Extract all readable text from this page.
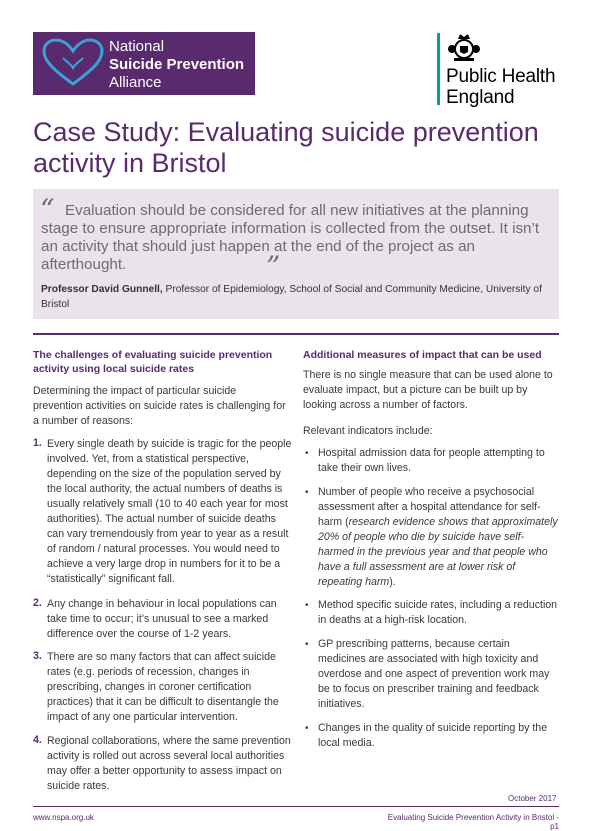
National
Suicide Prevention
Alliance	Public Health
England
Case Study: Evaluating suicide prevention activity in Bristol
Evaluation should be considered for all new initiatives at the planning stage to ensure appropriate information is collected from the outset. It isn’t an activity that should just happen at the end of the project as an afterthought.
“
”
Professor David Gunnell, Professor of Epidemiology, School of Social and Community Medicine, University of Bristol
The challenges of evaluating suicide prevention activity using local suicide rates
Determining the impact of particular suicide prevention activities on suicide rates is challenging for a number of reasons:
1. Every single death by suicide is tragic for the people involved. Yet, from a statistical perspective, depending on the size of the population served by the local authority, the actual numbers of deaths is usually relatively small (10 to 40 each year for most authorities). The actual number of suicide deaths can vary tremendously from year to year as a result of random / natural processes. You would need to achieve a very large drop in numbers for it to be a “statistically” significant fall.
2. Any change in behaviour in local populations can take time to occur; it’s unusual to see a marked difference over the course of 1-2 years.
3. There are so many factors that can affect suicide rates (e.g. periods of recession, changes in prescribing, changes in coroner certification practices) that it can be difficult to disentangle the impact of any one particular intervention.
4. Regional collaborations, where the same prevention activity is rolled out across several local authorities may offer a better opportunity to assess impact on suicide rates.
Additional measures of impact that can be used
There is no single measure that can be used alone to evaluate impact, but a picture can be built up by looking across a number of factors.
Relevant indicators include:
• Hospital admission data for people attempting to take their own lives.
• Number of people who receive a psychosocial assessment after a hospital attendance for self-harm (research evidence shows that approximately 20% of people who die by suicide have self-harmed in the previous year and that people who have a full assessment are at lower risk of repeating harm).
• Method specific suicide rates, including a reduction in deaths at a high-risk location.
• GP prescribing patterns, because certain medicines are associated with high toxicity and overdose and one aspect of prevention work may be to focus on prescriber training and feedback initiatives.
• Changes in the quality of suicide reporting by the local media.
October 2017
www.nspa.org.uk	Evaluating Suicide Prevention Activity in Bristol - p1
